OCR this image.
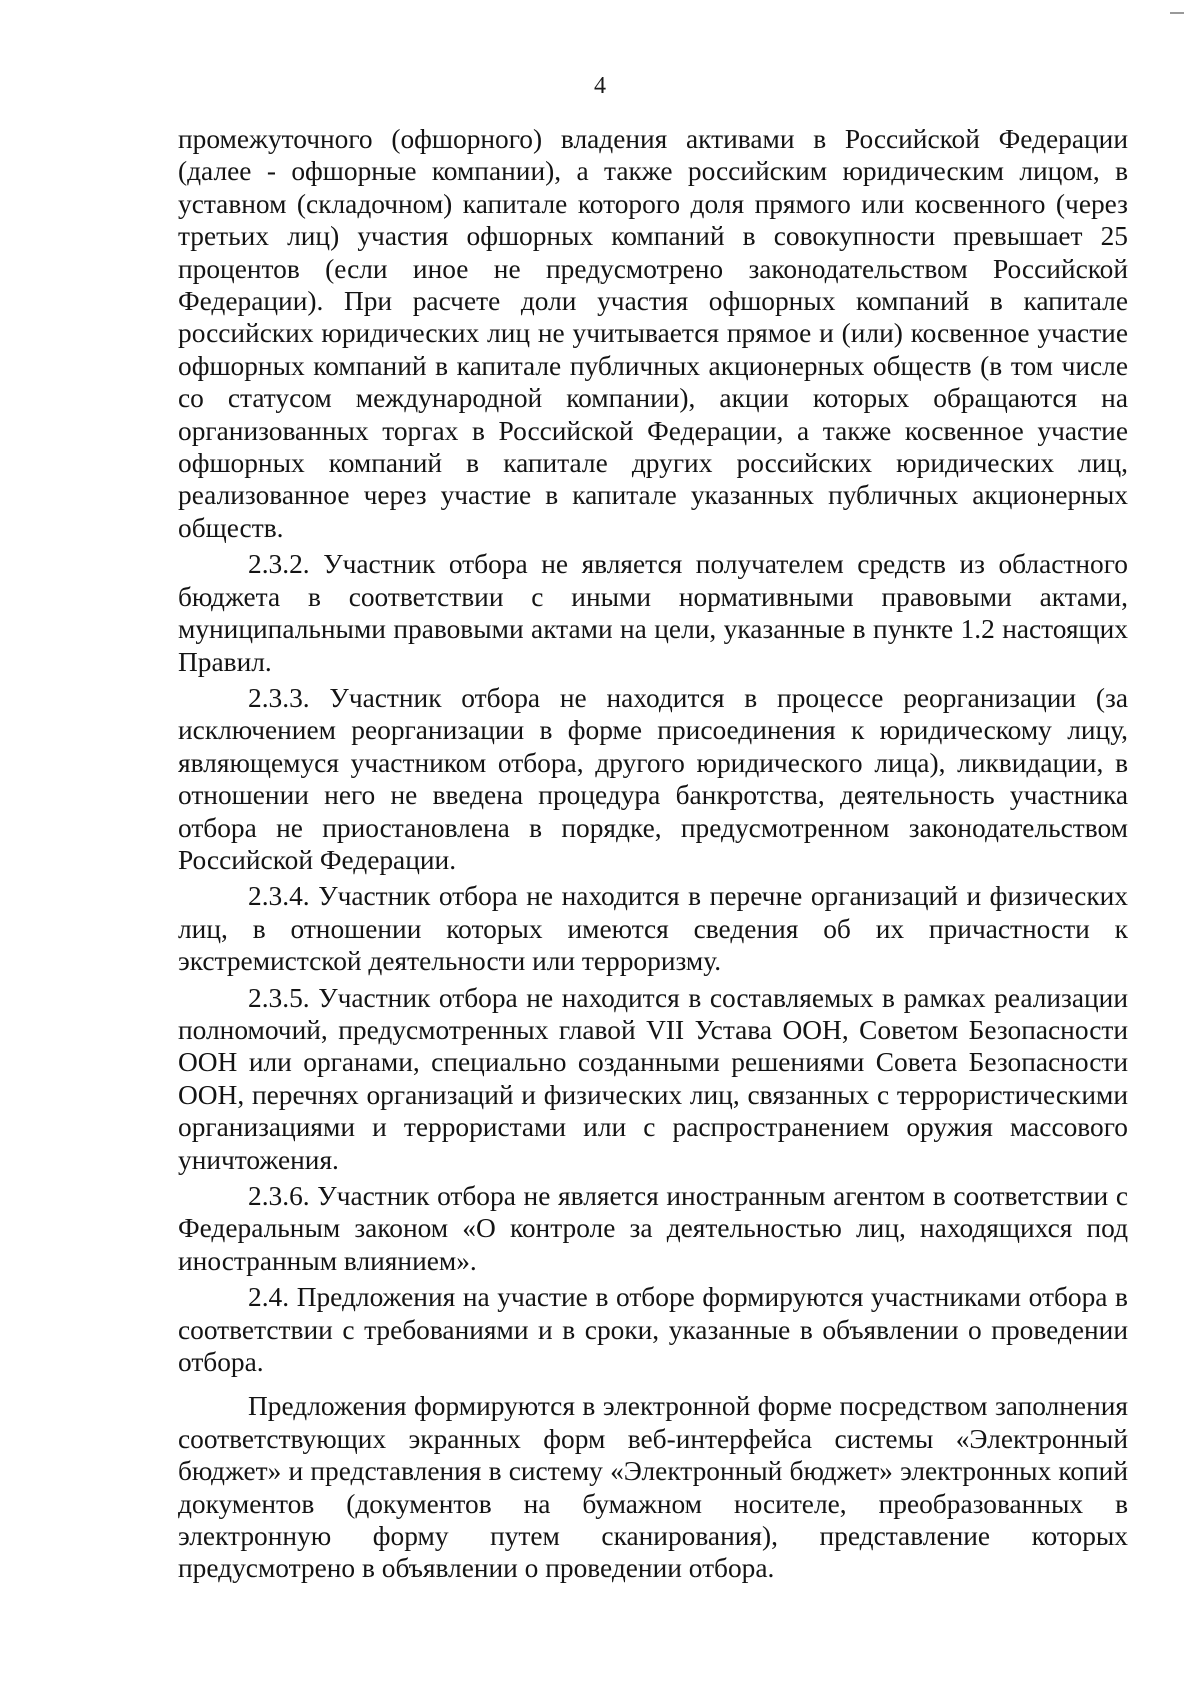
4

промежуточного (офшорного) владения активами в Российской Федерации (далее - офшорные компании), а также российским юридическим лицом, в уставном (складочном) капитале которого доля прямого или косвенного (через третьих лиц) участия офшорных компаний в совокупности превышает 25 процентов (если иное не предусмотрено законодательством Российской Федерации). При расчете доли участия офшорных компаний в капитале российских юридических лиц не учитывается прямое и (или) косвенное участие офшорных компаний в капитале публичных акционерных обществ (в том числе со статусом международной компании), акции которых обращаются на организованных торгах в Российской Федерации, а также косвенное участие офшорных компаний в капитале других российских юридических лиц, реализованное через участие в капитале указанных публичных акционерных обществ.

2.3.2. Участник отбора не является получателем средств из областного бюджета в соответствии с иными нормативными правовыми актами, муниципальными правовыми актами на цели, указанные в пункте 1.2 настоящих Правил.

2.3.3. Участник отбора не находится в процессе реорганизации (за исключением реорганизации в форме присоединения к юридическому лицу, являющемуся участником отбора, другого юридического лица), ликвидации, в отношении него не введена процедура банкротства, деятельность участника отбора не приостановлена в порядке, предусмотренном законодательством Российской Федерации.

2.3.4. Участник отбора не находится в перечне организаций и физических лиц, в отношении которых имеются сведения об их причастности к экстремистской деятельности или терроризму.

2.3.5. Участник отбора не находится в составляемых в рамках реализации полномочий, предусмотренных главой VII Устава ООН, Советом Безопасности ООН или органами, специально созданными решениями Совета Безопасности ООН, перечнях организаций и физических лиц, связанных с террористическими организациями и террористами или с распространением оружия массового уничтожения.

2.3.6. Участник отбора не является иностранным агентом в соответствии с Федеральным законом «О контроле за деятельностью лиц, находящихся под иностранным влиянием».

2.4. Предложения на участие в отборе формируются участниками отбора в соответствии с требованиями и в сроки, указанные в объявлении о проведении отбора.

Предложения формируются в электронной форме посредством заполнения соответствующих экранных форм веб-интерфейса системы «Электронный бюджет» и представления в систему «Электронный бюджет» электронных копий документов (документов на бумажном носителе, преобразованных в электронную форму путем сканирования), представление которых предусмотрено в объявлении о проведении отбора.
